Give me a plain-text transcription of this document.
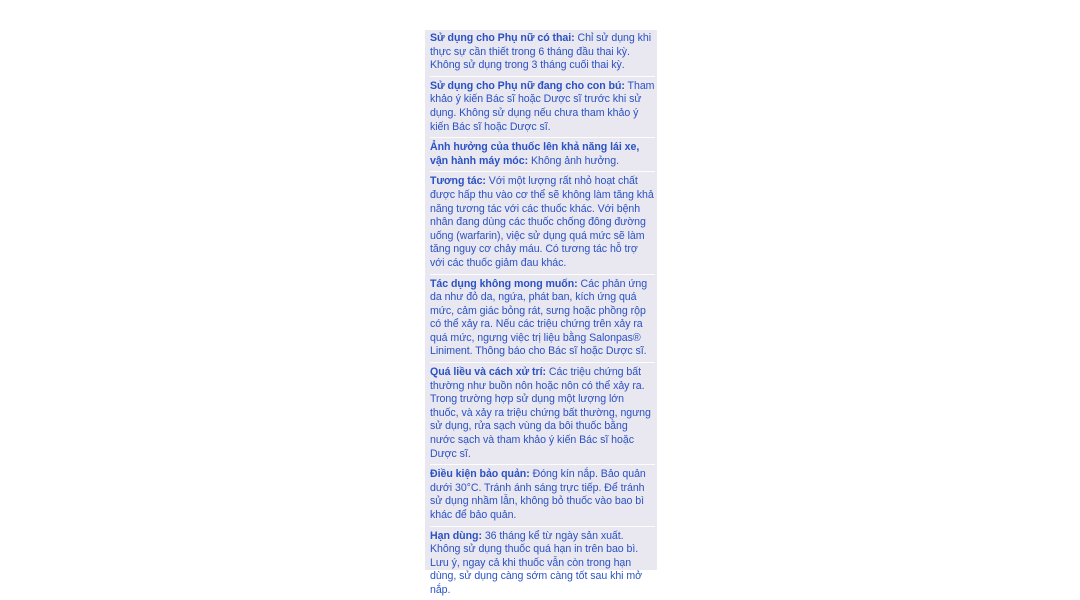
Sử dụng cho Phụ nữ có thai: Chỉ sử dụng khi thực sự cần thiết trong 6 tháng đầu thai kỳ. Không sử dụng trong 3 tháng cuối thai kỳ.
Sử dụng cho Phụ nữ đang cho con bú: Tham khảo ý kiến Bác sĩ hoặc Dược sĩ trước khi sử dụng. Không sử dụng nếu chưa tham khảo ý kiến Bác sĩ hoặc Dược sĩ.
Ảnh hưởng của thuốc lên khả năng lái xe, vận hành máy móc: Không ảnh hưởng.
Tương tác: Với một lượng rất nhỏ hoạt chất được hấp thu vào cơ thể sẽ không làm tăng khả năng tương tác với các thuốc khác. Với bệnh nhân đang dùng các thuốc chống đông đường uống (warfarin), việc sử dụng quá mức sẽ làm tăng nguy cơ chảy máu. Có tương tác hỗ trợ với các thuốc giảm đau khác.
Tác dụng không mong muốn: Các phản ứng da như đỏ da, ngứa, phát ban, kích ứng quá mức, cảm giác bỏng rát, sưng hoặc phồng rộp có thể xảy ra. Nếu các triệu chứng trên xảy ra quá mức, ngưng việc trị liệu bằng Salonpas® Liniment. Thông báo cho Bác sĩ hoặc Dược sĩ.
Quá liều và cách xử trí: Các triệu chứng bất thường như buồn nôn hoặc nôn có thể xảy ra. Trong trường hợp sử dụng một lượng lớn thuốc, và xảy ra triệu chứng bất thường, ngưng sử dụng, rửa sạch vùng da bôi thuốc bằng nước sạch và tham khảo ý kiến Bác sĩ hoặc Dược sĩ.
Điều kiện bảo quản: Đóng kín nắp. Bảo quản dưới 30°C. Tránh ánh sáng trực tiếp. Để tránh sử dụng nhầm lẫn, không bỏ thuốc vào bao bì khác để bảo quản.
Hạn dùng: 36 tháng kể từ ngày sản xuất. Không sử dụng thuốc quá hạn in trên bao bì. Lưu ý, ngay cả khi thuốc vẫn còn trong hạn dùng, sử dụng càng sớm càng tốt sau khi mở nắp.
